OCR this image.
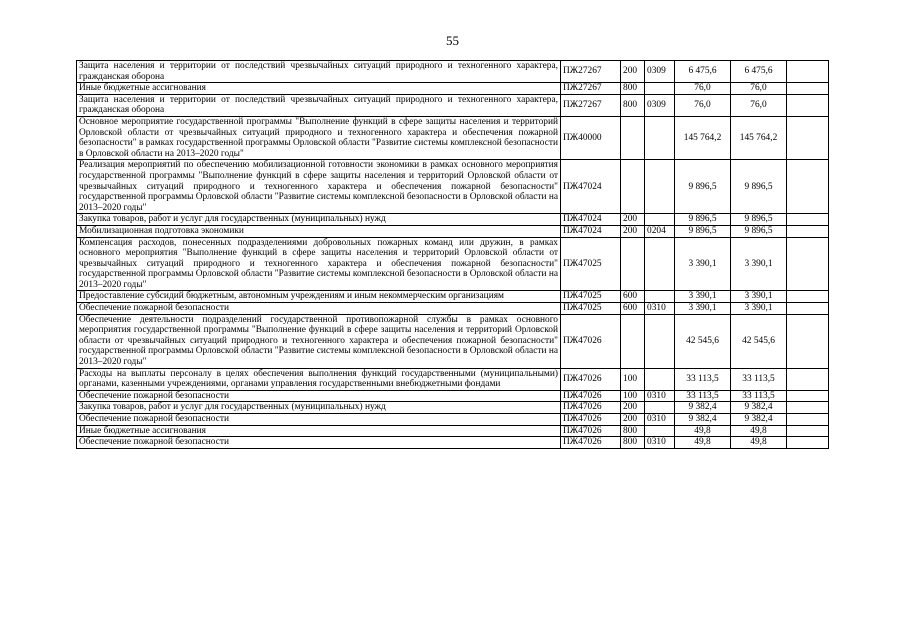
55
Защита населения и территории от последствий чрезвычайных ситуаций природного и техногенного характера, гражданская оборона	ПЖ27267	200	0309	6 475,6	6 475,6	
Иные бюджетные ассигнования	ПЖ27267	800		76,0	76,0	
Защита населения и территории от последствий чрезвычайных ситуаций природного и техногенного характера, гражданская оборона	ПЖ27267	800	0309	76,0	76,0	
Основное мероприятие государственной программы "Выполнение функций в сфере защиты населения и территорий Орловской области от чрезвычайных ситуаций природного и техногенного характера и обеспечения пожарной безопасности" в рамках государственной программы Орловской области "Развитие системы комплексной безопасности в Орловской области на 2013–2020 годы"	ПЖ40000			145 764,2	145 764,2	
Реализация мероприятий по обеспечению мобилизационной готовности экономики в рамках основного мероприятия государственной программы "Выполнение функций в сфере защиты населения и территорий Орловской области от чрезвычайных ситуаций природного и техногенного характера и обеспечения пожарной безопасности" государственной программы Орловской области "Развитие системы комплексной безопасности в Орловской области на 2013–2020 годы"	ПЖ47024			9 896,5	9 896,5	
Закупка товаров, работ и услуг для государственных (муниципальных) нужд	ПЖ47024	200		9 896,5	9 896,5	
Мобилизационная подготовка экономики	ПЖ47024	200	0204	9 896,5	9 896,5	
Компенсация расходов, понесенных подразделениями добровольных пожарных команд или дружин, в рамках основного мероприятия "Выполнение функций в сфере защиты населения и территорий Орловской области от чрезвычайных ситуаций природного и техногенного характера и обеспечения пожарной безопасности" государственной программы Орловской области "Развитие системы комплексной безопасности в Орловской области на 2013–2020 годы"	ПЖ47025			3 390,1	3 390,1	
Предоставление субсидий бюджетным, автономным учреждениям и иным некоммерческим организациям	ПЖ47025	600		3 390,1	3 390,1	
Обеспечение пожарной безопасности	ПЖ47025	600	0310	3 390,1	3 390,1	
Обеспечение деятельности подразделений государственной противопожарной службы в рамках основного мероприятия государственной программы "Выполнение функций в сфере защиты населения и территорий Орловской области от чрезвычайных ситуаций природного и техногенного характера и обеспечения пожарной безопасности" государственной программы Орловской области "Развитие системы комплексной безопасности в Орловской области на 2013–2020 годы"	ПЖ47026			42 545,6	42 545,6	
Расходы на выплаты персоналу в целях обеспечения выполнения функций государственными (муниципальными) органами, казенными учреждениями, органами управления государственными внебюджетными фондами	ПЖ47026	100		33 113,5	33 113,5	
Обеспечение пожарной безопасности	ПЖ47026	100	0310	33 113,5	33 113,5	
Закупка товаров, работ и услуг для государственных (муниципальных) нужд	ПЖ47026	200		9 382,4	9 382,4	
Обеспечение пожарной безопасности	ПЖ47026	200	0310	9 382,4	9 382,4	
Иные бюджетные ассигнования	ПЖ47026	800		49,8	49,8	
Обеспечение пожарной безопасности	ПЖ47026	800	0310	49,8	49,8	
